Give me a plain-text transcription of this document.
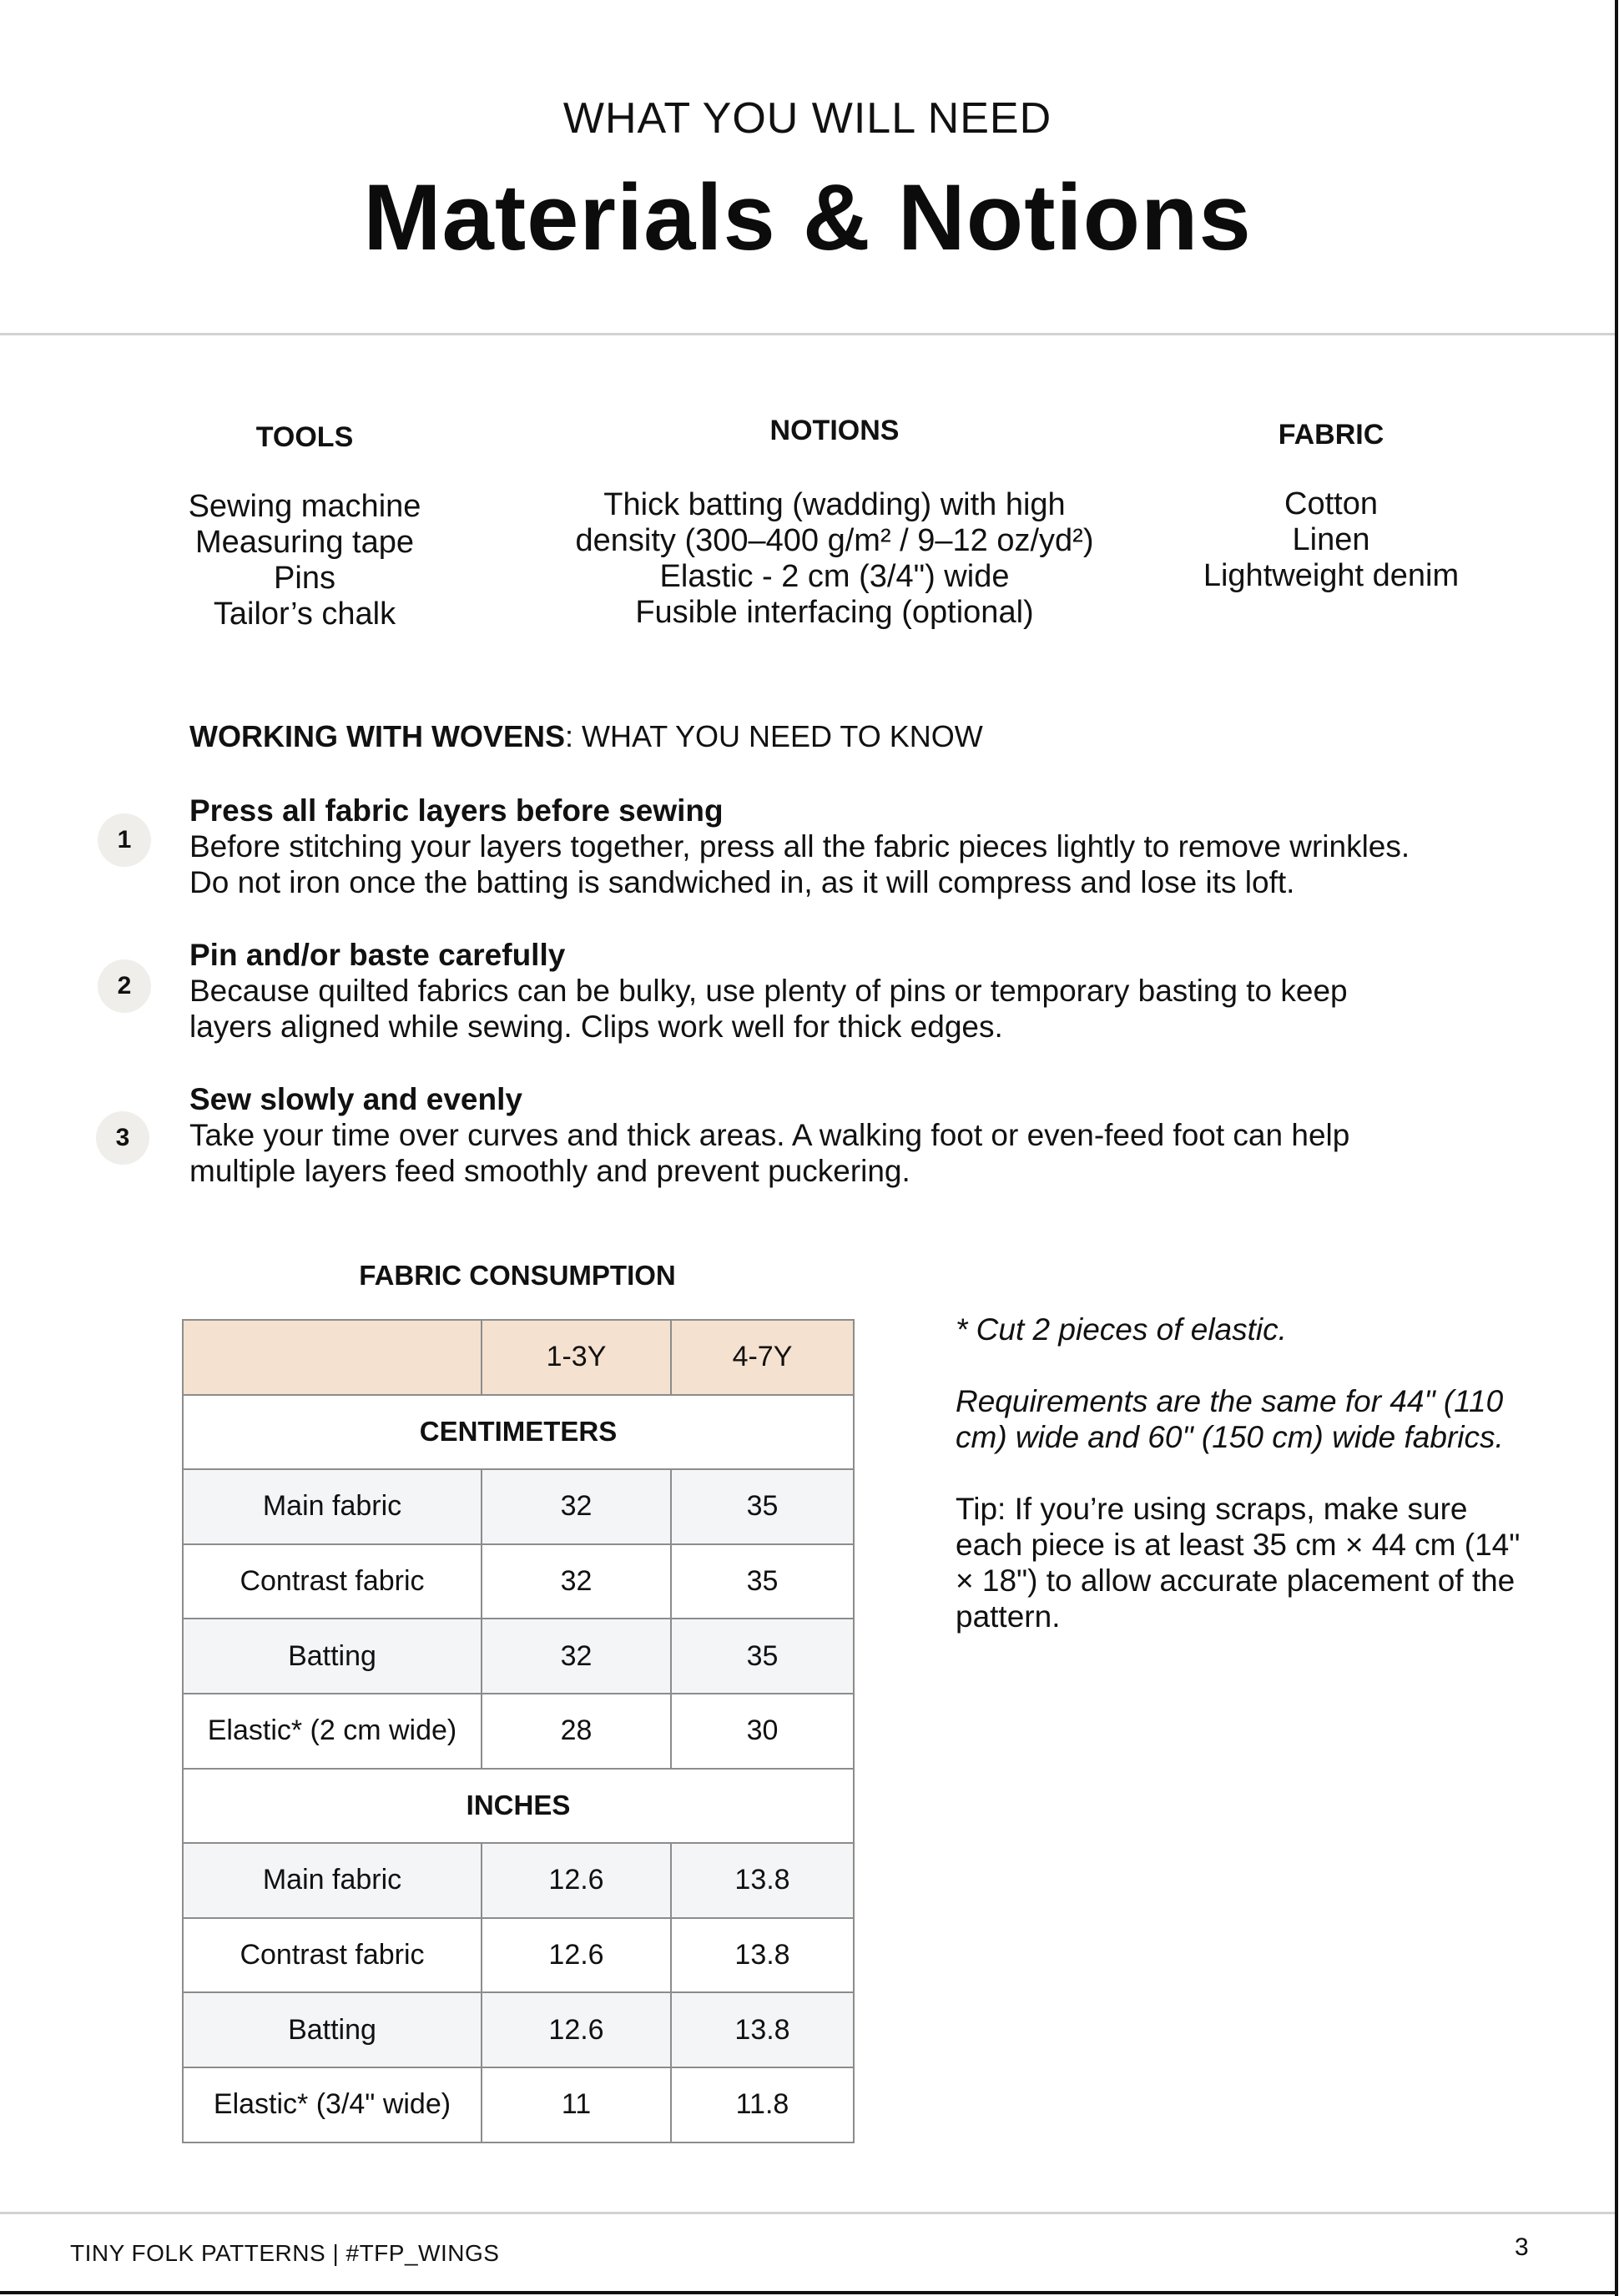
WHAT YOU WILL NEED
Materials & Notions
TOOLS
Sewing machine
Measuring tape
Pins
Tailor’s chalk
NOTIONS
Thick batting (wadding) with high
density (300–400 g/m² / 9–12 oz/yd²)
Elastic - 2 cm (3/4") wide
Fusible interfacing (optional)
FABRIC
Cotton
Linen
Lightweight denim
WORKING WITH WOVENS: WHAT YOU NEED TO KNOW
1
Press all fabric layers before sewing
Before stitching your layers together, press all the fabric pieces lightly to remove wrinkles.
Do not iron once the batting is sandwiched in, as it will compress and lose its loft.
2
Pin and/or baste carefully
Because quilted fabrics can be bulky, use plenty of pins or temporary basting to keep
layers aligned while sewing. Clips work well for thick edges.
3
Sew slowly and evenly
Take your time over curves and thick areas. A walking foot or even-feed foot can help
multiple layers feed smoothly and prevent puckering.
FABRIC CONSUMPTION
	1-3Y	4-7Y
CENTIMETERS		
Main fabric	32	35
Contrast fabric	32	35
Batting	32	35
Elastic* (2 cm wide)	28	30
INCHES		
Main fabric	12.6	13.8
Contrast fabric	12.6	13.8
Batting	12.6	13.8
Elastic* (3/4" wide)	11	11.8

* Cut 2 pieces of elastic.

Requirements are the same for 44" (110 cm) wide and 60" (150 cm) wide fabrics.

Tip: If you’re using scraps, make sure each piece is at least 35 cm × 44 cm (14" × 18") to allow accurate placement of the pattern.

TINY FOLK PATTERNS | #TFP_WINGS	3
